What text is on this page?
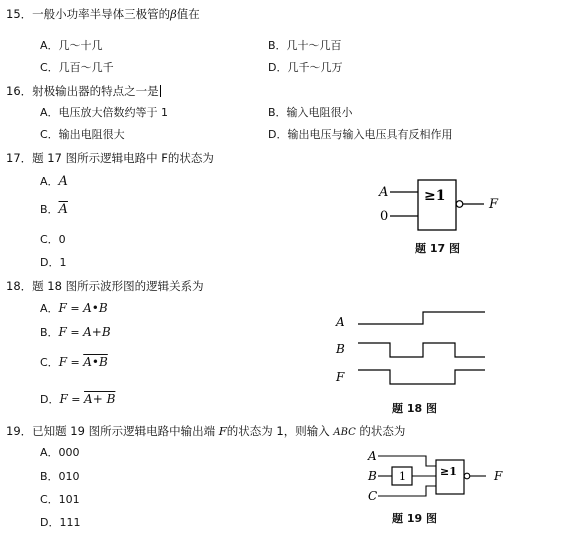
15．一般小功率半导体三极管的β值在
A．几～十几	B．几十～几百
C．几百～几千	D．几千～几万
16．射极输出器的特点之一是
A．电压放大倍数约等于 1	B．输入电阻很小
C．输出电阻很大	D．输出电压与输入电压具有反相作用
17．题 17 图所示逻辑电路中 F的状态为
A．A
B．$\overline{A}$
C．0
D．1
A
0
≥1
F
题 17 图
18．题 18 图所示波形图的逻辑关系为
A．F = A•B
B．F = A+B
C．F = A•B
D．F = A+ B
A
B
F
题 18 图
19．已知题 19 图所示逻辑电路中输出端 F的状态为 1，则输入 ABC 的状态为
A．000
B．010
C．101
D．111
A
B
C
1	≥1	F
题 19 图
